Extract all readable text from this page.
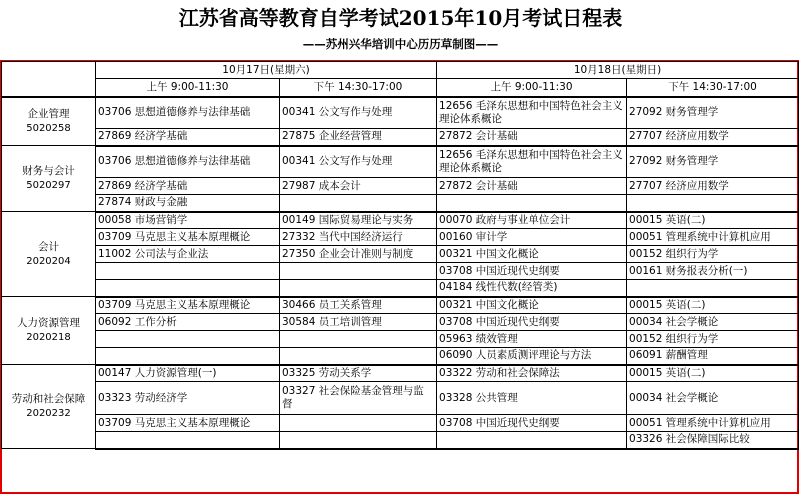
江苏省高等教育自学考试2015年10月考试日程表
——苏州兴华培训中心历历草制图——
	10月17日(星期六)		10月18日(星期日)	
	上午 9:00-11:30	下午 14:30-17:00	上午 9:00-11:30	下午 14:30-17:00

企业管理
5020258	03706 思想道德修养与法律基础	00341 公文写作与处理	12656 毛泽东思想和中国特色社会主义理论体系概论	27092 财务管理学
	27869 经济学基础	27875 企业经营管理	27872 会计基础	27707 经济应用数学

财务与会计
5020297	03706 思想道德修养与法律基础	00341 公文写作与处理	12656 毛泽东思想和中国特色社会主义理论体系概论	27092 财务管理学
	27869 经济学基础	27987 成本会计	27872 会计基础	27707 经济应用数学
	27874 财政与金融			

会计
2020204	00058 市场营销学	00149 国际贸易理论与实务	00070 政府与事业单位会计	00015 英语(二)
	03709 马克思主义基本原理概论	27332 当代中国经济运行	00160 审计学	00051 管理系统中计算机应用
	11002 公司法与企业法	27350 企业会计准则与制度	00321 中国文化概论	00152 组织行为学
			03708 中国近现代史纲要	00161 财务报表分析(一)
			04184 线性代数(经管类)	

人力资源管理
2020218	03709 马克思主义基本原理概论	30466 员工关系管理	00321 中国文化概论	00015 英语(二)
	06092 工作分析	30584 员工培训管理	03708 中国近现代史纲要	00034 社会学概论
			05963 绩效管理	00152 组织行为学
			06090 人员素质测评理论与方法	06091 薪酬管理

劳动和社会保障
2020232	00147 人力资源管理(一)	03325 劳动关系学	03322 劳动和社会保障法	00015 英语(二)
	03323 劳动经济学	03327 社会保险基金管理与监督	03328 公共管理	00034 社会学概论
	03709 马克思主义基本原理概论		03708 中国近现代史纲要	00051 管理系统中计算机应用
				03326 社会保障国际比较
